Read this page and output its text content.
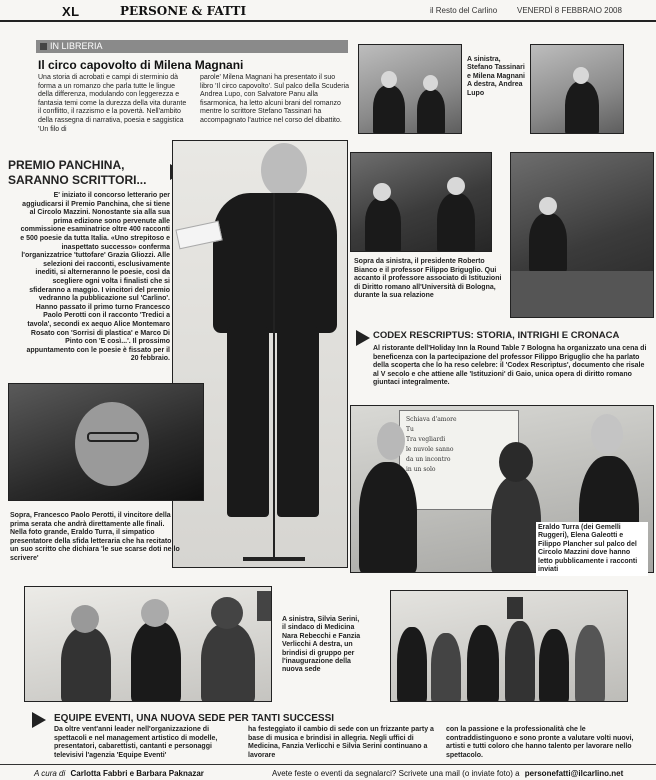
XL	PERSONE & FATTI	il Resto del Carlino VENERDÌ 8 FEBBRAIO 2008
IN LIBRERIA
Il circo capovolto di Milena Magnani
Una storia di acrobati e campi di sterminio dà forma a un romanzo che parla tutte le lingue della differenza, modulando con leggerezza e fantasia temi come la durezza della vita durante il conflitto, il razzismo e la povertà. Nell'ambito della rassegna di narrativa, poesia e saggistica 'Un filo di
parole' Milena Magnani ha presentato il suo libro 'Il circo capovolto'. Sul palco della Scuderia Andrea Lupo, con Salvatore Panu alla fisarmonica, ha letto alcuni brani del romanzo mentre lo scrittore Stefano Tassinari ha accompagnato l'autrice nel corso del dibattito.
A sinistra, Stefano Tassinari e Milena Magnani A destra, Andrea Lupo
PREMIO PANCHINA,
SARANNO SCRITTORI...
E' iniziato il concorso letterario per aggiudicarsi il Premio Panchina, che si tiene al Circolo Mazzini. Nonostante sia alla sua prima edizione sono pervenute alle commissione esaminatrice oltre 400 racconti e 500 poesie da tutta Italia. «Uno strepitoso e inaspettato successo» conferma l'organizzatrice 'tuttofare' Grazia Gliozzi. Alle selezioni dei racconti, esclusivamente inediti, si alterneranno le poesie, così da scegliere ogni volta i finalisti che si sfideranno a maggio. I vincitori del premio vedranno la pubblicazione sul 'Carlino'. Hanno passato il primo turno Francesco Paolo Perotti con il racconto 'Tredici a tavola', secondi ex aequo Alice Montemaro Rosato con 'Sorrisi di plastica' e Marco Di Pinto con 'E così...'. Il prossimo appuntamento con le poesie è fissato per il 20 febbraio.
Sopra, Francesco Paolo Perotti, il vincitore della prima serata che andrà direttamente alle finali. Nella foto grande, Eraldo Turra, il simpatico presentatore della sfida letteraria che ha recitato un suo scritto che dichiara 'le sue scarse doti nello scrivere'
Sopra da sinistra, il presidente Roberto Bianco e il professor Filippo Briguglio. Qui accanto il professore associato di Istituzioni di Diritto romano all'Università di Bologna, durante la sua relazione
CODEX RESCRIPTUS: STORIA, INTRIGHI E CRONACA
Al ristorante dell'Holiday Inn la Round Table 7 Bologna ha organizzato una cena di beneficenza con la partecipazione del professor Filippo Briguglio che ha parlato della scoperta che lo ha reso celebre: il 'Codex Rescriptus', documento che risale al V secolo e che attiene alle 'Istituzioni' di Gaio, unica opera di diritto romano giuntaci integralmente.
Schiava d'amore
Tu
Tra vegliardi
le nuvole sanno
da un incontro
in un solo
Eraldo Turra (dei Gemelli Ruggeri), Elena Galeotti e Filippo Plancher sul palco del Circolo Mazzini dove hanno letto pubblicamente i racconti inviati
A sinistra, Silvia Serini, il sindaco di Medicina Nara Rebecchi e Fanzia Verlicchi A destra, un brindisi di gruppo per l'inaugurazione della nuova sede
EQUIPE EVENTI, UNA NUOVA SEDE PER TANTI SUCCESSI
Da oltre vent'anni leader nell'organizzazione di spettacoli e nel management artistico di modelle, presentatori, cabarettisti, cantanti e personaggi televisivi l'agenzia 'Equipe Eventi'
ha festeggiato il cambio di sede con un frizzante party a base di musica e brindisi in allegria. Negli uffici di Medicina, Fanzia Verlicchi e Silvia Serini continuano a lavorare
con la passione e la professionalità che le contraddistinguono e sono pronte a valutare volti nuovi, artisti e tutti coloro che hanno talento per lavorare nello spettacolo.
A cura di Carlotta Fabbri e Barbara Paknazar	Avete feste o eventi da segnalarci? Scrivete una mail (o inviate foto) a personefatti@ilcarlino.net
